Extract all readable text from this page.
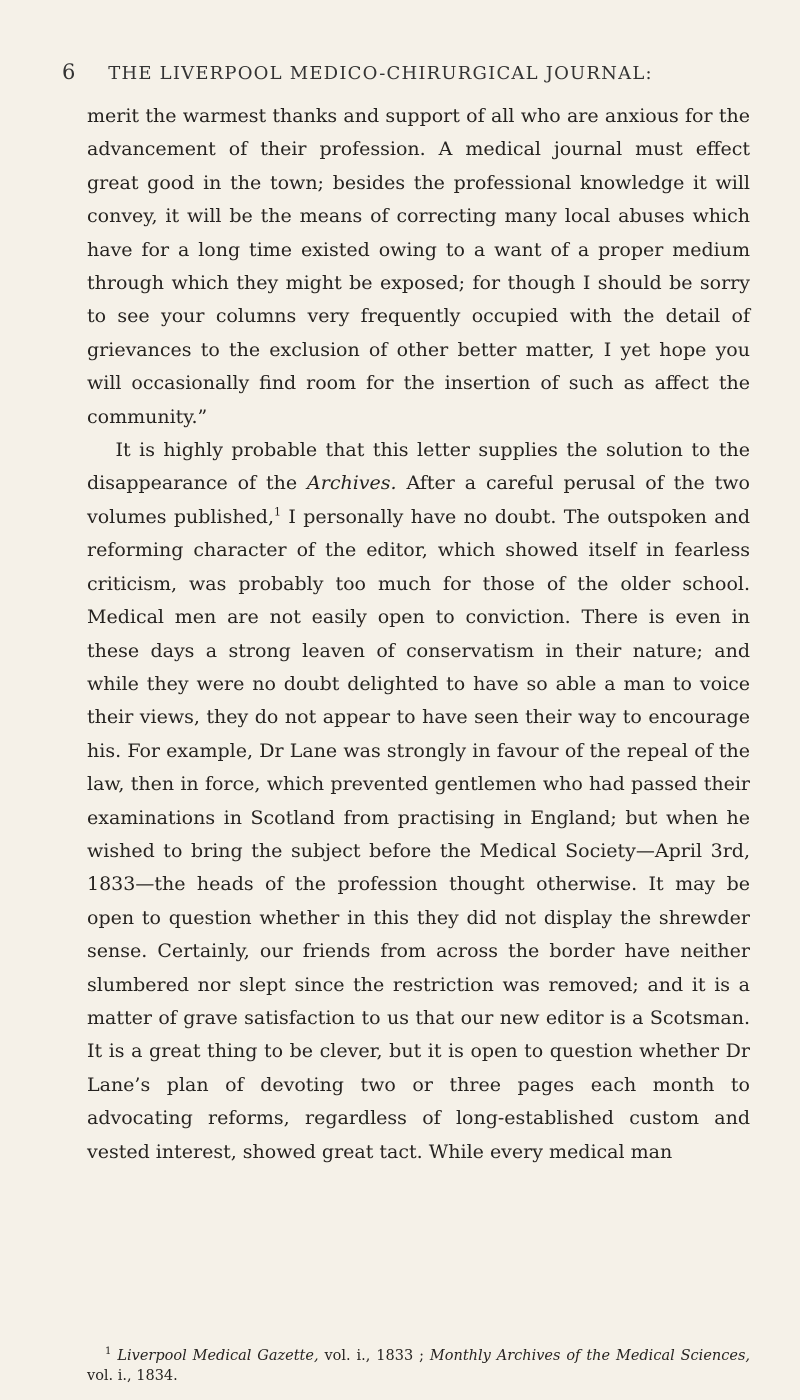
6 THE LIVERPOOL MEDICO-CHIRURGICAL JOURNAL:

merit the warmest thanks and support of all who are anxious for the advancement of their profession. A medical journal must effect great good in the town; besides the professional knowledge it will convey, it will be the means of correcting many local abuses which have for a long time existed owing to a want of a proper medium through which they might be exposed; for though I should be sorry to see your columns very frequently occupied with the detail of grievances to the exclusion of other better matter, I yet hope you will occasionally find room for the insertion of such as affect the community.”

It is highly probable that this letter supplies the solution to the disappearance of the Archives. After a careful perusal of the two volumes published,$^1$ I personally have no doubt. The outspoken and reforming character of the editor, which showed itself in fearless criticism, was probably too much for those of the older school. Medical men are not easily open to conviction. There is even in these days a strong leaven of conservatism in their nature; and while they were no doubt delighted to have so able a man to voice their views, they do not appear to have seen their way to encourage his. For example, Dr Lane was strongly in favour of the repeal of the law, then in force, which prevented gentlemen who had passed their examinations in Scotland from practising in England; but when he wished to bring the subject before the Medical Society—April 3rd, 1833—the heads of the profession thought otherwise. It may be open to question whether in this they did not display the shrewder sense. Certainly, our friends from across the border have neither slumbered nor slept since the restriction was removed; and it is a matter of grave satisfaction to us that our new editor is a Scotsman. It is a great thing to be clever, but it is open to question whether Dr Lane’s plan of devoting two or three pages each month to advocating reforms, regardless of long-established custom and vested interest, showed great tact. While every medical man

$^1$ Liverpool Medical Gazette, vol. i., 1833 ; Monthly Archives of the Medical Sciences, vol. i., 1834.
